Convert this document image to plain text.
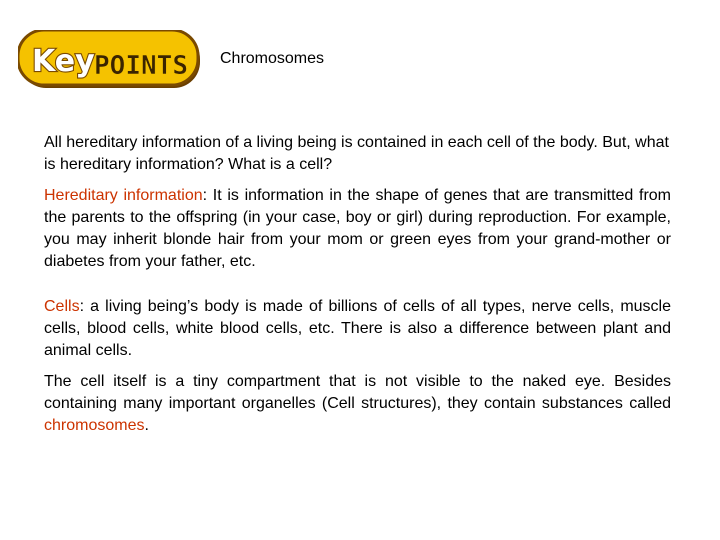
Key POINTS Chromosomes

All hereditary information of a living being is contained in each cell of the body. But, what is hereditary information? What is a cell?

Hereditary information: It is information in the shape of genes that are transmitted from the parents to the offspring (in your case, boy or girl) during reproduction. For example, you may inherit blonde hair from your mom or green eyes from your grand-mother or diabetes from your father, etc.

Cells: a living being’s body is made of billions of cells of all types, nerve cells, muscle cells, blood cells, white blood cells, etc. There is also a difference between plant and animal cells.

The cell itself is a tiny compartment that is not visible to the naked eye. Besides containing many important organelles (Cell structures), they contain substances called chromosomes.
